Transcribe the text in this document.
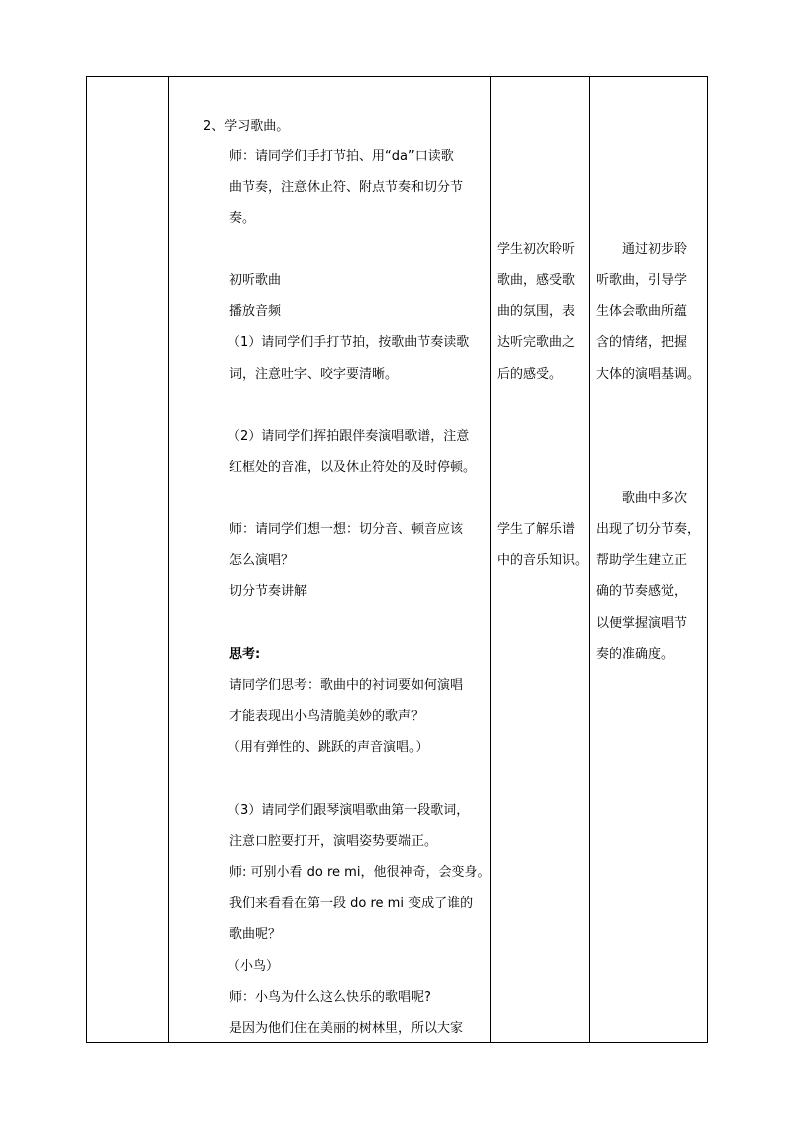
2、学习歌曲。
师：请同学们手打节拍、用“da”口读歌
曲节奏，注意休止符、附点节奏和切分节
奏。
初听歌曲
播放音频
（1）请同学们手打节拍，按歌曲节奏读歌
词，注意吐字、咬字要清晰。
（2）请同学们挥拍跟伴奏演唱歌谱，注意
红框处的音准，以及休止符处的及时停顿。
师：请同学们想一想：切分音、顿音应该
怎么演唱？
切分节奏讲解
思考:
请同学们思考：歌曲中的衬词要如何演唱
才能表现出小鸟清脆美妙的歌声？
（用有弹性的、跳跃的声音演唱。）
（3）请同学们跟琴演唱歌曲第一段歌词，
注意口腔要打开，演唱姿势要端正。
师: 可别小看 do re mi，他很神奇，会变身。
我们来看看在第一段 do re mi 变成了谁的
歌曲呢？
（小鸟）
师：小鸟为什么这么快乐的歌唱呢?
是因为他们住在美丽的树林里，所以大家
学生初次聆听
歌曲，感受歌
曲的氛围，表
达听完歌曲之
后的感受。
学生了解乐谱
中的音乐知识。
通过初步聆
听歌曲，引导学
生体会歌曲所蕴
含的情绪，把握
大体的演唱基调。
歌曲中多次
出现了切分节奏，
帮助学生建立正
确的节奏感觉，
以便掌握演唱节
奏的准确度。
